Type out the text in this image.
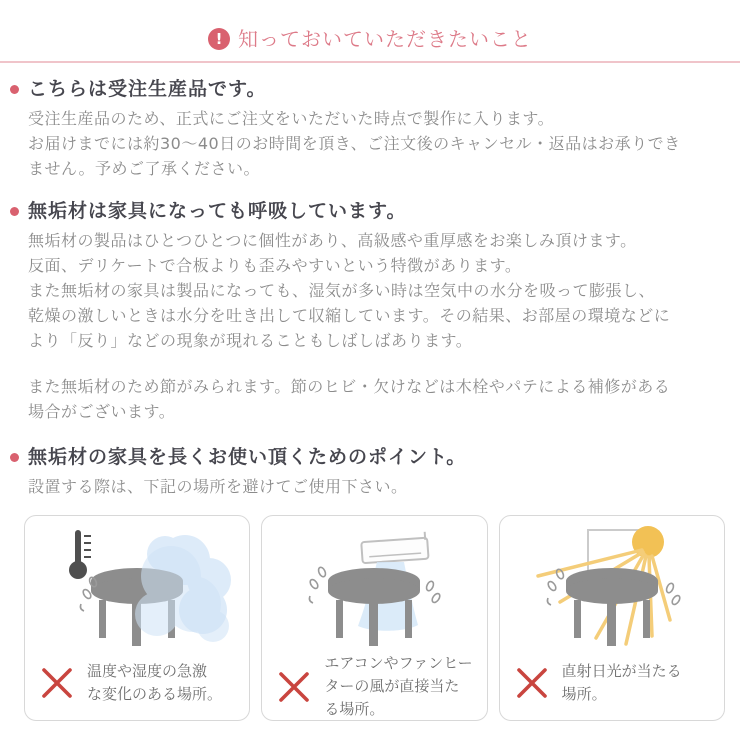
! 知っておいていただきたいこと
こちらは受注生産品です。
受注生産品のため、正式にご注文をいただいた時点で製作に入ります。
お届けまでには約30〜40日のお時間を頂き、ご注文後のキャンセル・返品はお承りでき
ません。予めご了承ください。
無垢材は家具になっても呼吸しています。
無垢材の製品はひとつひとつに個性があり、高級感や重厚感をお楽しみ頂けます。
反面、デリケートで合板よりも歪みやすいという特徴があります。
また無垢材の家具は製品になっても、湿気が多い時は空気中の水分を吸って膨張し、
乾燥の激しいときは水分を吐き出して収縮しています。その結果、お部屋の環境などに
より「反り」などの現象が現れることもしばしばあります。
また無垢材のため節がみられます。節のヒビ・欠けなどは木栓やパテによる補修がある
場合がございます。
無垢材の家具を長くお使い頂くためのポイント。
設置する際は、下記の場所を避けてご使用下さい。
温度や湿度の急激
な変化のある場所。
エアコンやファンヒー
ターの風が直接当た
る場所。
直射日光が当たる
場所。
